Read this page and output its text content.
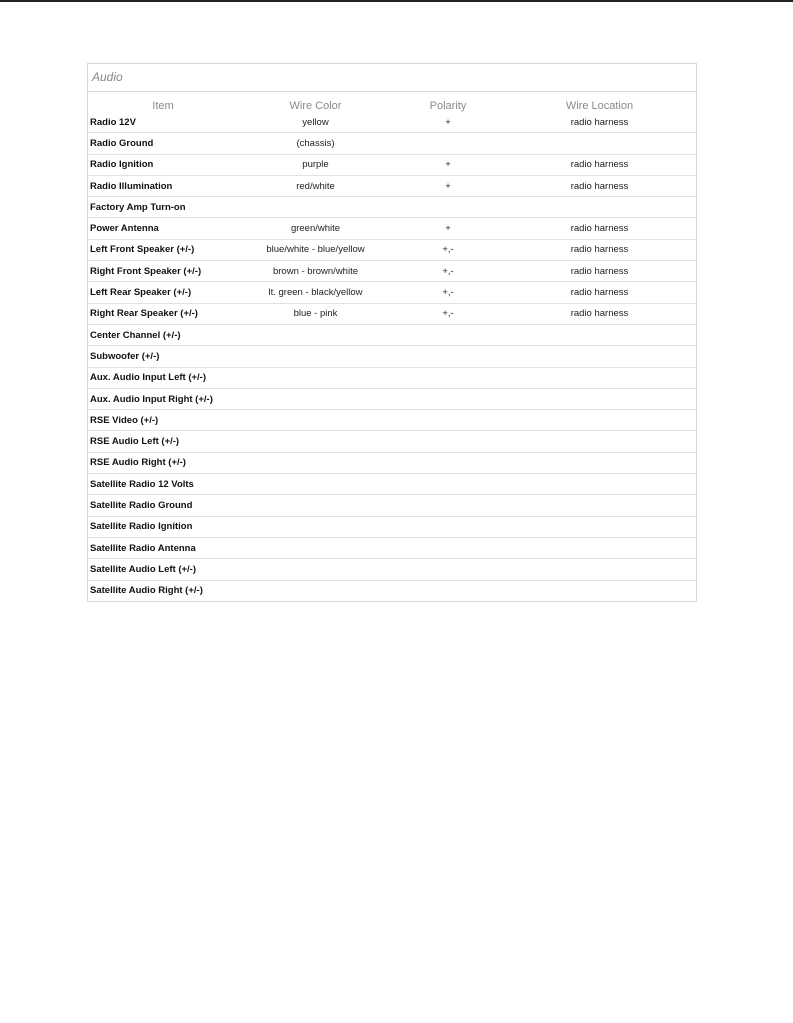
Audio
Item	Wire Color	Polarity	Wire Location
Radio 12V	yellow	+	radio harness
Radio Ground	(chassis)		
Radio Ignition	purple	+	radio harness
Radio Illumination	red/white	+	radio harness
Factory Amp Turn-on			
Power Antenna	green/white	+	radio harness
Left Front Speaker (+/-)	blue/white - blue/yellow	+,-	radio harness
Right Front Speaker (+/-)	brown - brown/white	+,-	radio harness
Left Rear Speaker (+/-)	lt. green - black/yellow	+,-	radio harness
Right Rear Speaker (+/-)	blue - pink	+,-	radio harness
Center Channel (+/-)			
Subwoofer (+/-)			
Aux. Audio Input Left (+/-)			
Aux. Audio Input Right (+/-)			
RSE Video (+/-)			
RSE Audio Left (+/-)			
RSE Audio Right (+/-)			
Satellite Radio 12 Volts			
Satellite Radio Ground			
Satellite Radio Ignition			
Satellite Radio Antenna			
Satellite Audio Left (+/-)			
Satellite Audio Right (+/-)			
